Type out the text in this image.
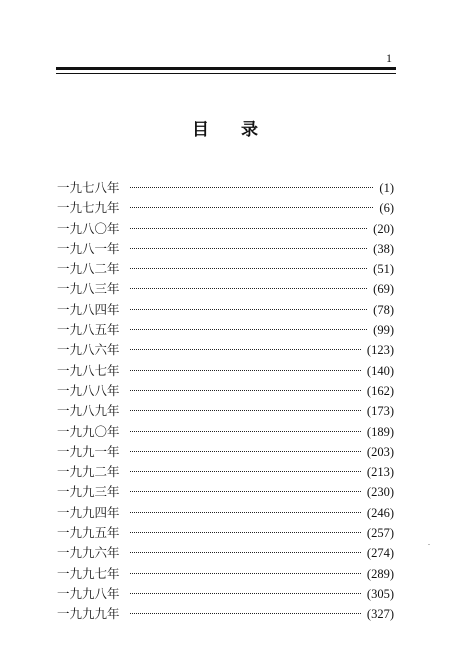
1
目 录
一九七八年	(1)
一九七九年	(6)
一九八〇年	(20)
一九八一年	(38)
一九八二年	(51)
一九八三年	(69)
一九八四年	(78)
一九八五年	(99)
一九八六年	(123)
一九八七年	(140)
一九八八年	(162)
一九八九年	(173)
一九九〇年	(189)
一九九一年	(203)
一九九二年	(213)
一九九三年	(230)
一九九四年	(246)
一九九五年	(257)
一九九六年	(274)
一九九七年	(289)
一九九八年	(305)
一九九九年	(327)
